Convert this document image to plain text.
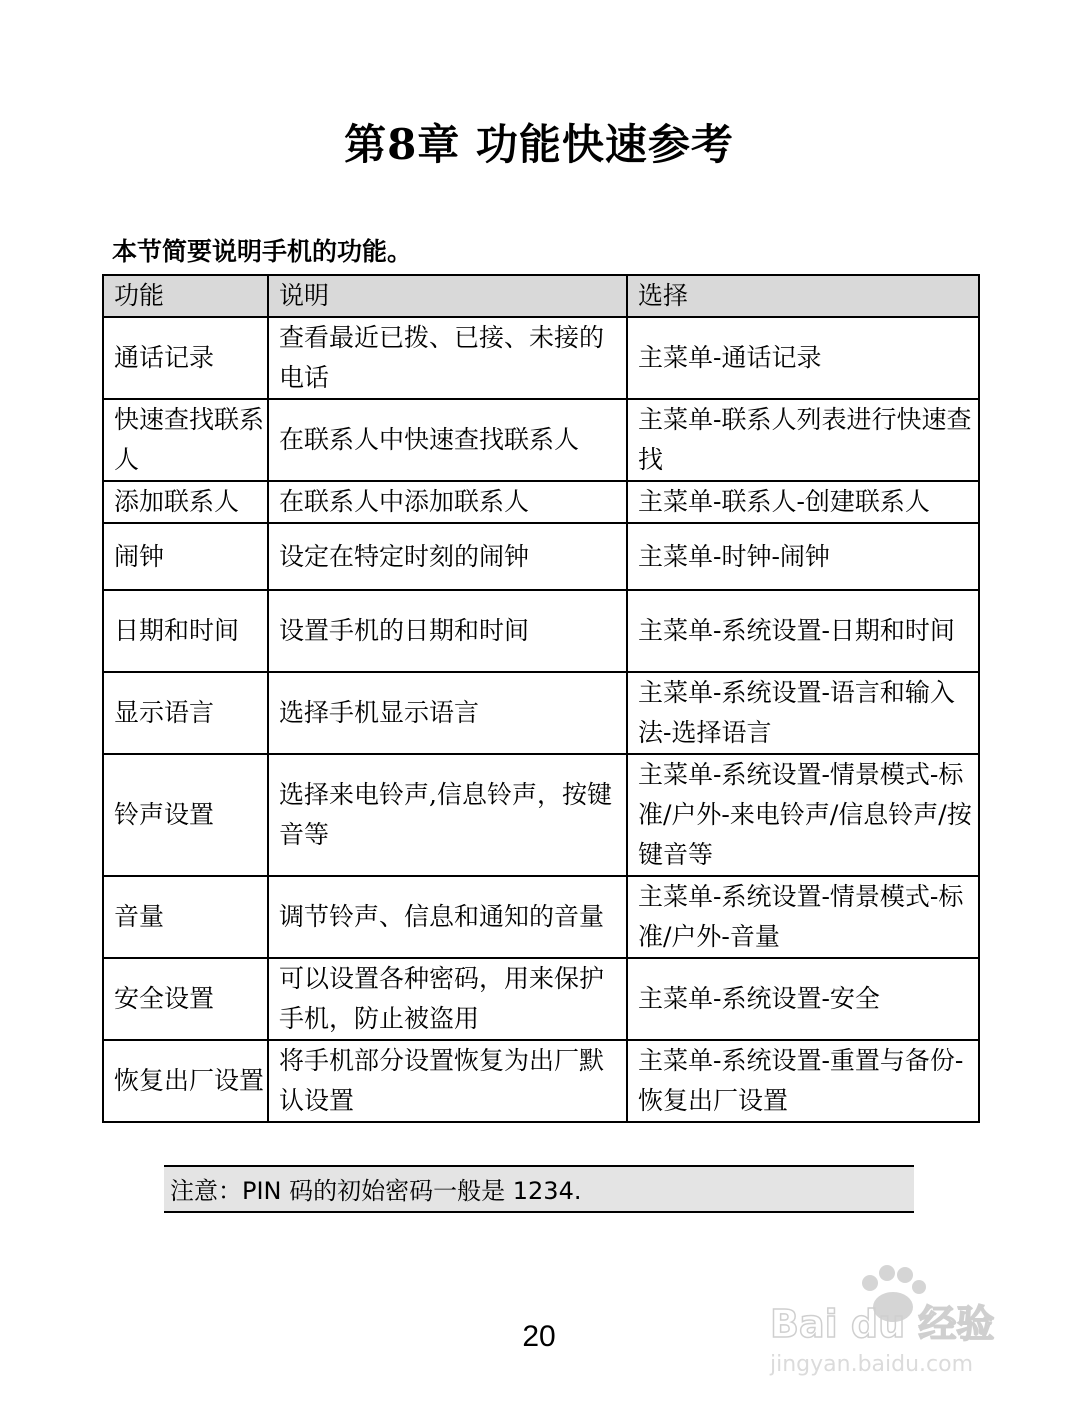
第8章 功能快速参考
本节简要说明手机的功能。
功能	说明	选择
通话记录	查看最近已拨、已接、未接的电话	主菜单-通话记录
快速查找联系人	在联系人中快速查找联系人	主菜单-联系人列表进行快速查找
添加联系人	在联系人中添加联系人	主菜单-联系人-创建联系人
闹钟	设定在特定时刻的闹钟	主菜单-时钟-闹钟
日期和时间	设置手机的日期和时间	主菜单-系统设置-日期和时间
显示语言	选择手机显示语言	主菜单-系统设置-语言和输入法-选择语言
铃声设置	选择来电铃声,信息铃声，按键音等	主菜单-系统设置-情景模式-标准/户外-来电铃声/信息铃声/按键音等
音量	调节铃声、信息和通知的音量	主菜单-系统设置-情景模式-标准/户外-音量
安全设置	可以设置各种密码，用来保护手机，防止被盗用	主菜单-系统设置-安全
恢复出厂设置	将手机部分设置恢复为出厂默认设置	主菜单-系统设置-重置与备份-恢复出厂设置
注意：PIN 码的初始密码一般是 1234.
20	Bai du 经验
jingyan.baidu.com
